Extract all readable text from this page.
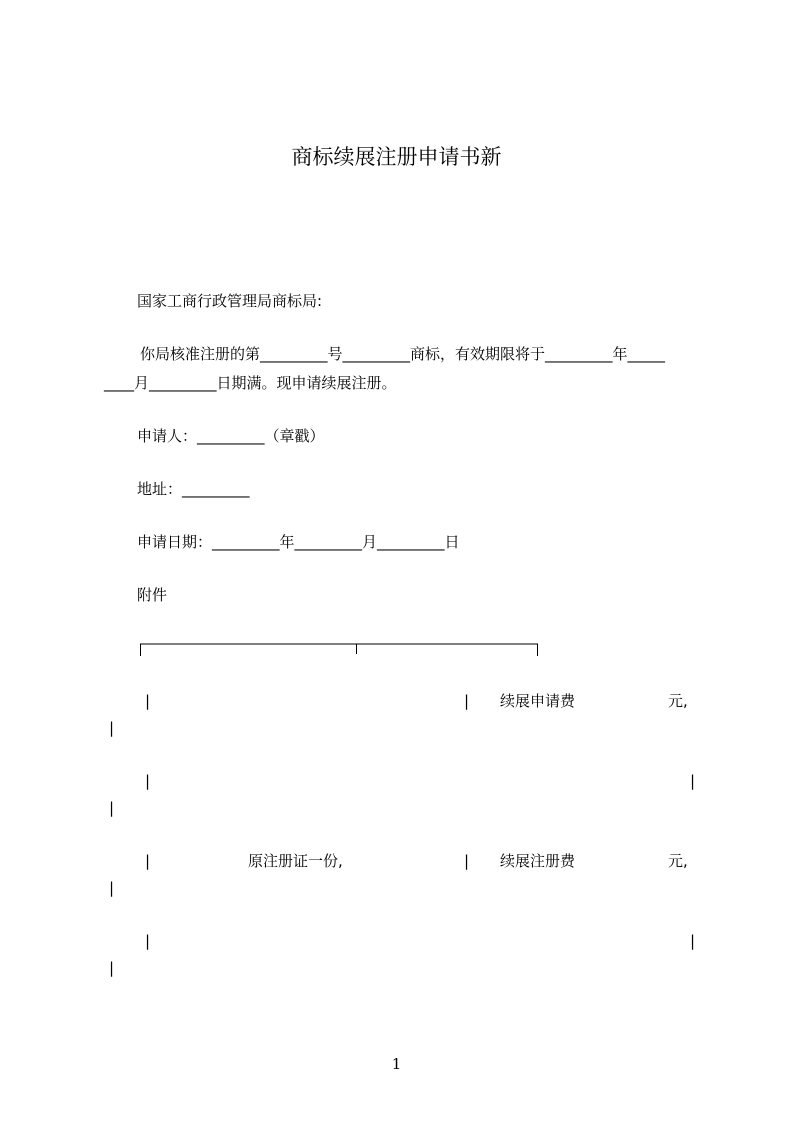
商标续展注册申请书新
国家工商行政管理局商标局:
你局核准注册的第_________号_________商标，有效期限将于_________年_____
____月_________日期满。现申请续展注册。
申请人：_________（章戳）
地址：_________
申请日期：_________年_________月_________日
附件
|	| 续展申请费	元,
|
|	|
|
|	原注册证一份,	| 续展注册费	元,
|
|	|
|
1
